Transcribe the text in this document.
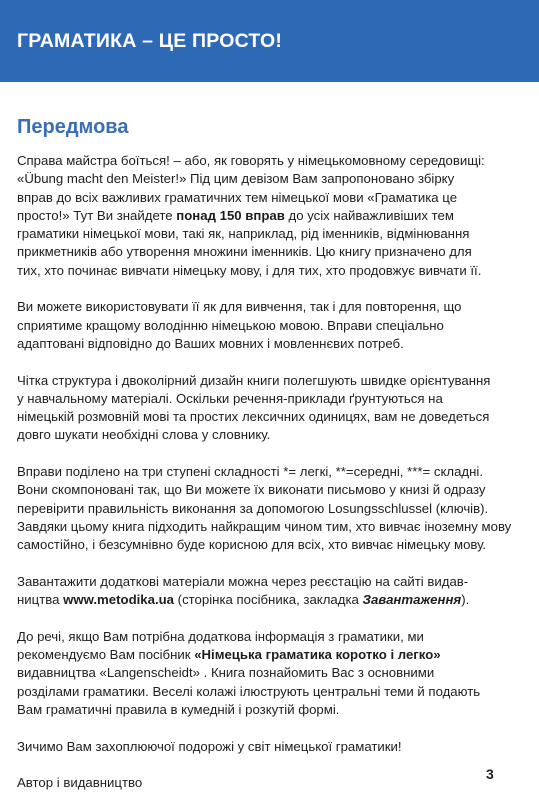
ГРАМАТИКА – ЦЕ ПРОСТО!
Передмова
Справа майстра боїться! – або, як говорять у німецькомовному середовищі:
«Übung macht den Meister!» Під цим девізом Вам запропоновано збірку
вправ до всіх важливих граматичних тем німецької мови «Граматика це
просто!» Тут Ви знайдете понад 150 вправ до усіх найважливіших тем
граматики німецької мови, такі як, наприклад, рід іменників, відмінювання
прикметників або утворення множини іменників. Цю книгу призначено для
тих, хто починає вивчати німецьку мову, і для тих, хто продовжує вивчати її.
Ви можете використовувати її як для вивчення, так і для повторення, що
сприятиме кращому володінню німецькою мовою. Вправи спеціально
адаптовані відповідно до Ваших мовних і мовленнєвих потреб.
Чітка структура і двоколірний дизайн книги полегшують швидке орієнтування
у навчальному матеріалі. Оскільки речення-приклади ґрунтуються на
німецькій розмовній мові та простих лексичних одиницях, вам не доведеться
довго шукати необхідні слова у словнику.
Вправи поділено на три ступені складності *= легкі, **=середні, ***= складні.
Вони скомпоновані так, що Ви можете їх виконати письмово у книзі й одразу
перевірити правильність виконання за допомогою Losungsschlussel (ключів).
Завдяки цьому книга підходить найкращим чином тим, хто вивчає іноземну мову
самостійно, і безсумнівно буде корисною для всіх, хто вивчає німецьку мову.
Завантажити додаткові матеріали можна через реєстацію на сайті видав-
ництва www.metodika.ua (сторінка посібника, закладка Завантаження).
До речі, якщо Вам потрібна додаткова інформація з граматики, ми
рекомендуємо Вам посібник «Німецька граматика коротко і легко»
видавництва «Langenscheidt» . Книга познайомить Вас з основними
розділами граматики. Веселі колажі ілюструють центральні теми й подають
Вам граматичні правила в кумедній і розкутій формі.
Зичимо Вам захоплюючої подорожі у світ німецької граматики!
Автор і видавництво
3
